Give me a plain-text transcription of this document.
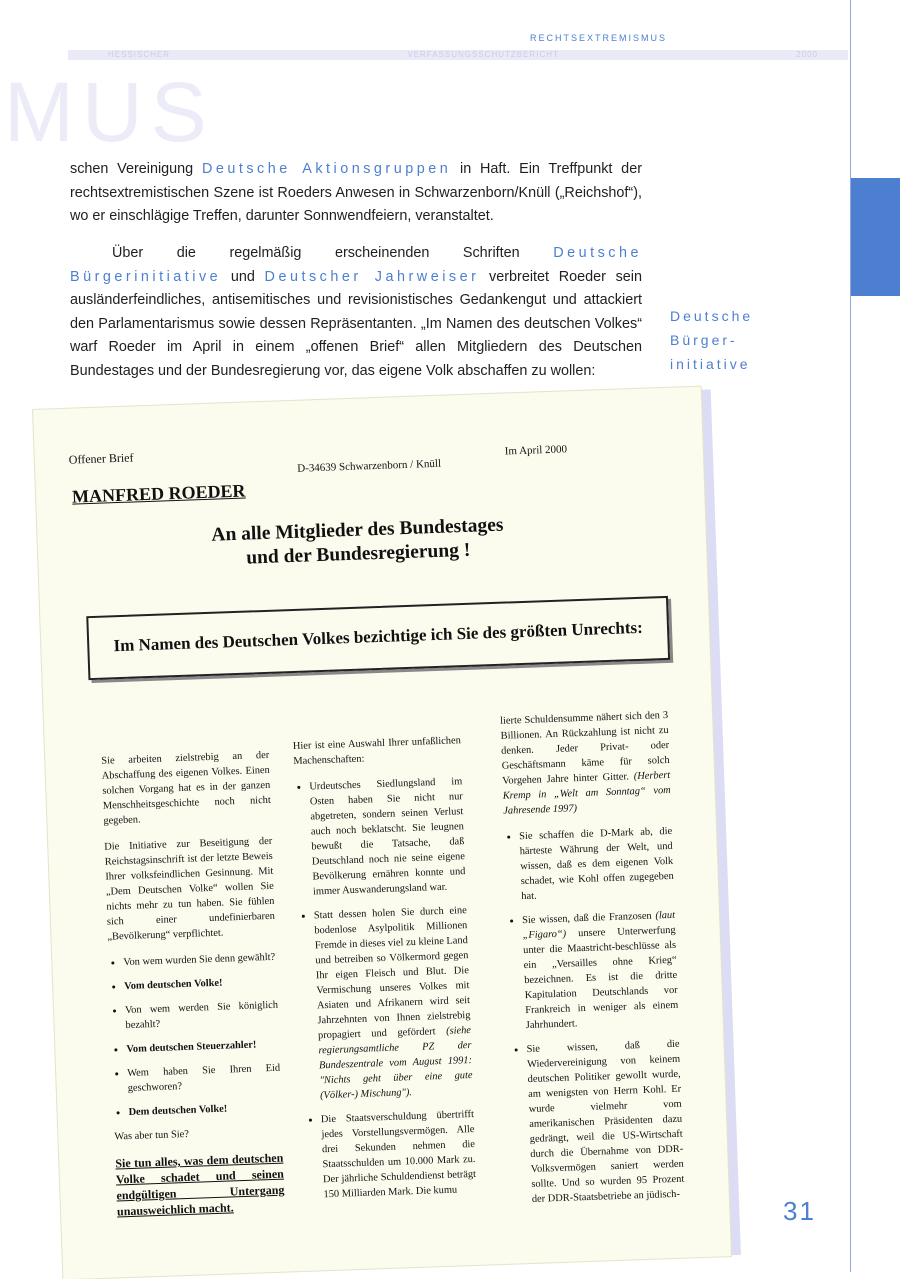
RECHTSEXTREMISMUS
HESSISCHER	VERFASSUNGSSCHUTZBERICHT	2000
MUS
schen Vereinigung Deutsche Aktionsgruppen in Haft. Ein Treffpunkt der rechtsextremistischen Szene ist Roeders Anwesen in Schwarzenborn/Knüll („Reichshof“), wo er einschlägige Treffen, darunter Sonnwendfeiern, veranstaltet.
Über die regelmäßig erscheinenden Schriften Deutsche Bürgerinitiative und Deutscher Jahrweiser verbreitet Roeder sein ausländerfeindliches, antisemitisches und revisionistisches Gedankengut und attackiert den Parlamentarismus sowie dessen Repräsentanten. „Im Namen des deutschen Volkes“ warf Roeder im April in einem „offenen Brief“ allen Mitgliedern des Deutschen Bundestages und der Bundesregierung vor, das eigene Volk abschaffen zu wollen:
Deutsche
Bürger-
initiative
Offener Brief
MANFRED ROEDER
D-34639 Schwarzenborn / Knüll
Im April 2000
An alle Mitglieder des Bundestages
und der Bundesregierung !
Im Namen des Deutschen Volkes bezichtige ich Sie des größten Unrechts:

Sie arbeiten zielstrebig an der Abschaffung des eigenen Volkes. Einen solchen Vorgang hat es in der ganzen Menschheitsgeschichte noch nicht gegeben.

Die Initiative zur Beseitigung der Reichstagsinschrift ist der letzte Beweis Ihrer volksfeindlichen Gesinnung. Mit „Dem Deutschen Volke“ wollen Sie nichts mehr zu tun haben. Sie fühlen sich einer undefinierbaren „Bevölkerung“ verpflichtet.

• Von wem wurden Sie denn gewählt?
• Vom deutschen Volke!
• Von wem werden Sie königlich bezahlt?
• Vom deutschen Steuerzahler!
• Wem haben Sie Ihren Eid geschworen?
• Dem deutschen Volke!

Was aber tun Sie?

Sie tun alles, was dem deutschen Volke schadet und seinen endgültigen Untergang unausweichlich macht.

Hier ist eine Auswahl Ihrer unfaßlichen Machenschaften:

• Urdeutsches Siedlungsland im Osten haben Sie nicht nur abgetreten, sondern seinen Verlust auch noch beklatscht. Sie leugnen bewußt die Tatsache, daß Deutschland noch nie seine eigene Bevölkerung ernähren konnte und immer Auswanderungsland war.
• Statt dessen holen Sie durch eine bodenlose Asylpolitik Millionen Fremde in dieses viel zu kleine Land und betreiben so Völkermord gegen Ihr eigen Fleisch und Blut. Die Vermischung unseres Volkes mit Asiaten und Afrikanern wird seit Jahrzehnten von Ihnen zielstrebig propagiert und gefördert (siehe regierungsamtliche PZ der Bundeszentrale vom August 1991: "Nichts geht über eine gute (Völker-) Mischung").
• Die Staatsverschuldung übertrifft jedes Vorstellungsvermögen. Alle drei Sekunden nehmen die Staatsschulden um 10.000 Mark zu. Der jährliche Schuldendienst beträgt 150 Milliarden Mark. Die kumu

lierte Schuldensumme nähert sich den 3 Billionen. An Rückzahlung ist nicht zu denken. Jeder Privat- oder Geschäftsmann käme für solch Vorgehen Jahre hinter Gitter. (Herbert Kremp in „Welt am Sonntag“ vom Jahresende 1997)

• Sie schaffen die D-Mark ab, die härteste Währung der Welt, und wissen, daß es dem eigenen Volk schadet, wie Kohl offen zugegeben hat.
• Sie wissen, daß die Franzosen (laut „Figaro“) unsere Unterwerfung unter die Maastricht-beschlüsse als ein „Versailles ohne Krieg“ bezeichnen. Es ist die dritte Kapitulation Deutschlands vor Frankreich in weniger als einem Jahrhundert.
• Sie wissen, daß die Wiedervereinigung von keinem deutschen Politiker gewollt wurde, am wenigsten von Herrn Kohl. Er wurde vielmehr vom amerikanischen Präsidenten dazu gedrängt, weil die US-Wirtschaft durch die Übernahme von DDR-Volksvermögen saniert werden sollte. Und so wurden 95 Prozent der DDR-Staatsbetriebe an jüdisch-	31
